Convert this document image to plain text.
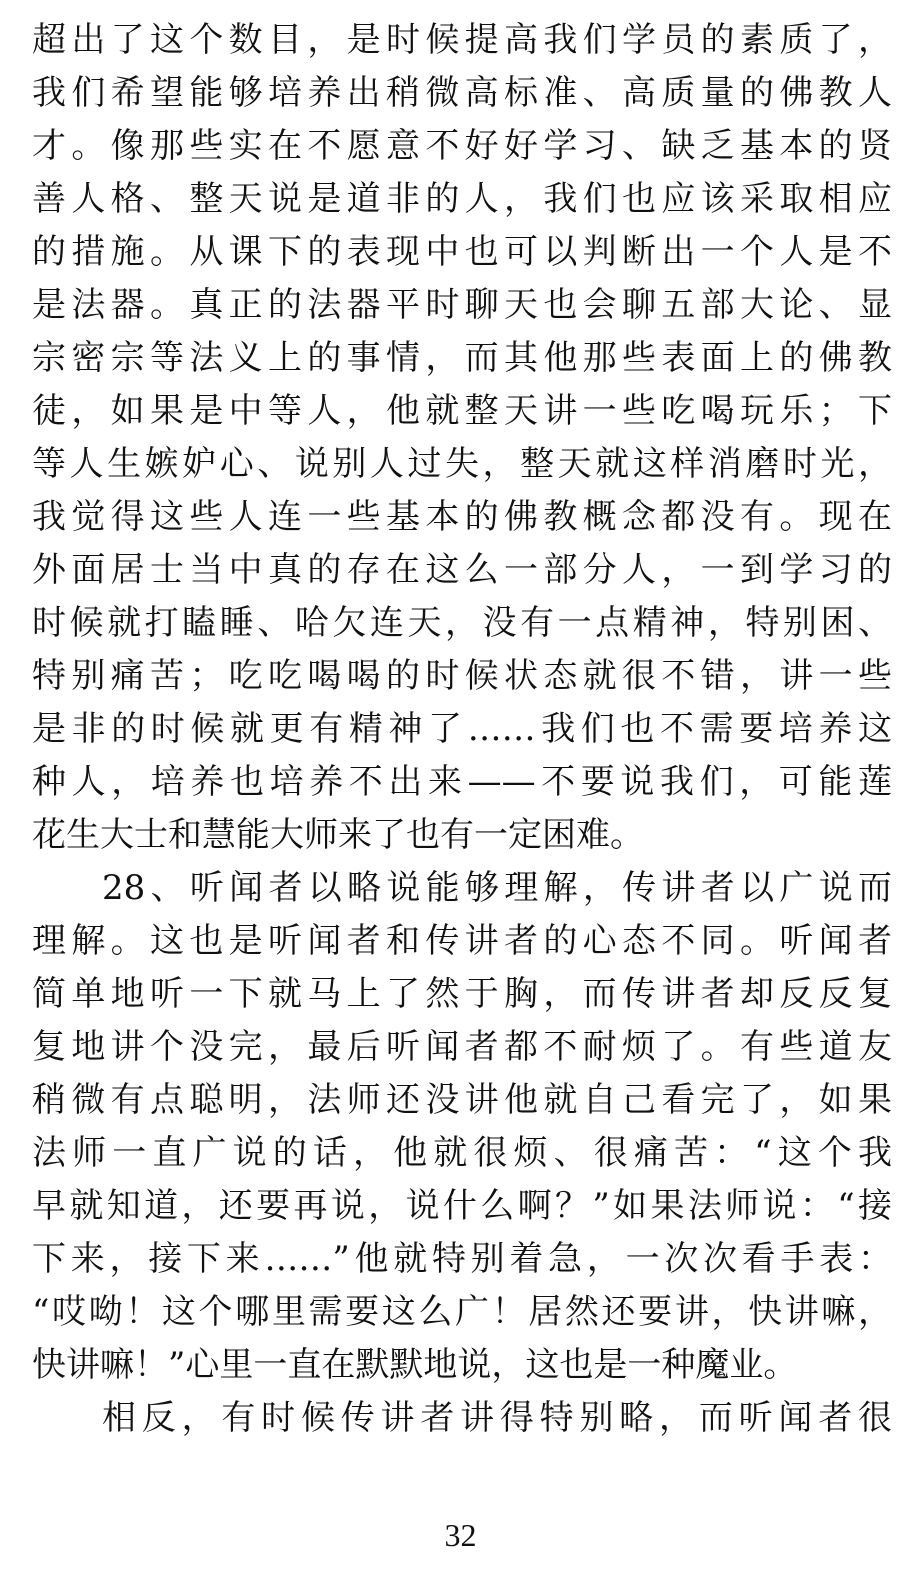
超出了这个数目，是时候提高我们学员的素质了，
我们希望能够培养出稍微高标准、高质量的佛教人
才。像那些实在不愿意不好好学习、缺乏基本的贤
善人格、整天说是道非的人，我们也应该采取相应
的措施。从课下的表现中也可以判断出一个人是不
是法器。真正的法器平时聊天也会聊五部大论、显
宗密宗等法义上的事情，而其他那些表面上的佛教
徒，如果是中等人，他就整天讲一些吃喝玩乐；下
等人生嫉妒心、说别人过失，整天就这样消磨时光，
我觉得这些人连一些基本的佛教概念都没有。现在
外面居士当中真的存在这么一部分人，一到学习的
时候就打瞌睡、哈欠连天，没有一点精神，特别困、
特别痛苦；吃吃喝喝的时候状态就很不错，讲一些
是非的时候就更有精神了……我们也不需要培养这
种人，培养也培养不出来——不要说我们，可能莲
花生大士和慧能大师来了也有一定困难。
28、听闻者以略说能够理解，传讲者以广说而
理解。这也是听闻者和传讲者的心态不同。听闻者
简单地听一下就马上了然于胸，而传讲者却反反复
复地讲个没完，最后听闻者都不耐烦了。有些道友
稍微有点聪明，法师还没讲他就自己看完了，如果
法师一直广说的话，他就很烦、很痛苦：“这个我
早就知道，还要再说，说什么啊？”如果法师说：“接
下来，接下来……”他就特别着急，一次次看手表：
“哎呦！这个哪里需要这么广！居然还要讲，快讲嘛，
快讲嘛！”心里一直在默默地说，这也是一种魔业。
相反，有时候传讲者讲得特别略，而听闻者很
32
